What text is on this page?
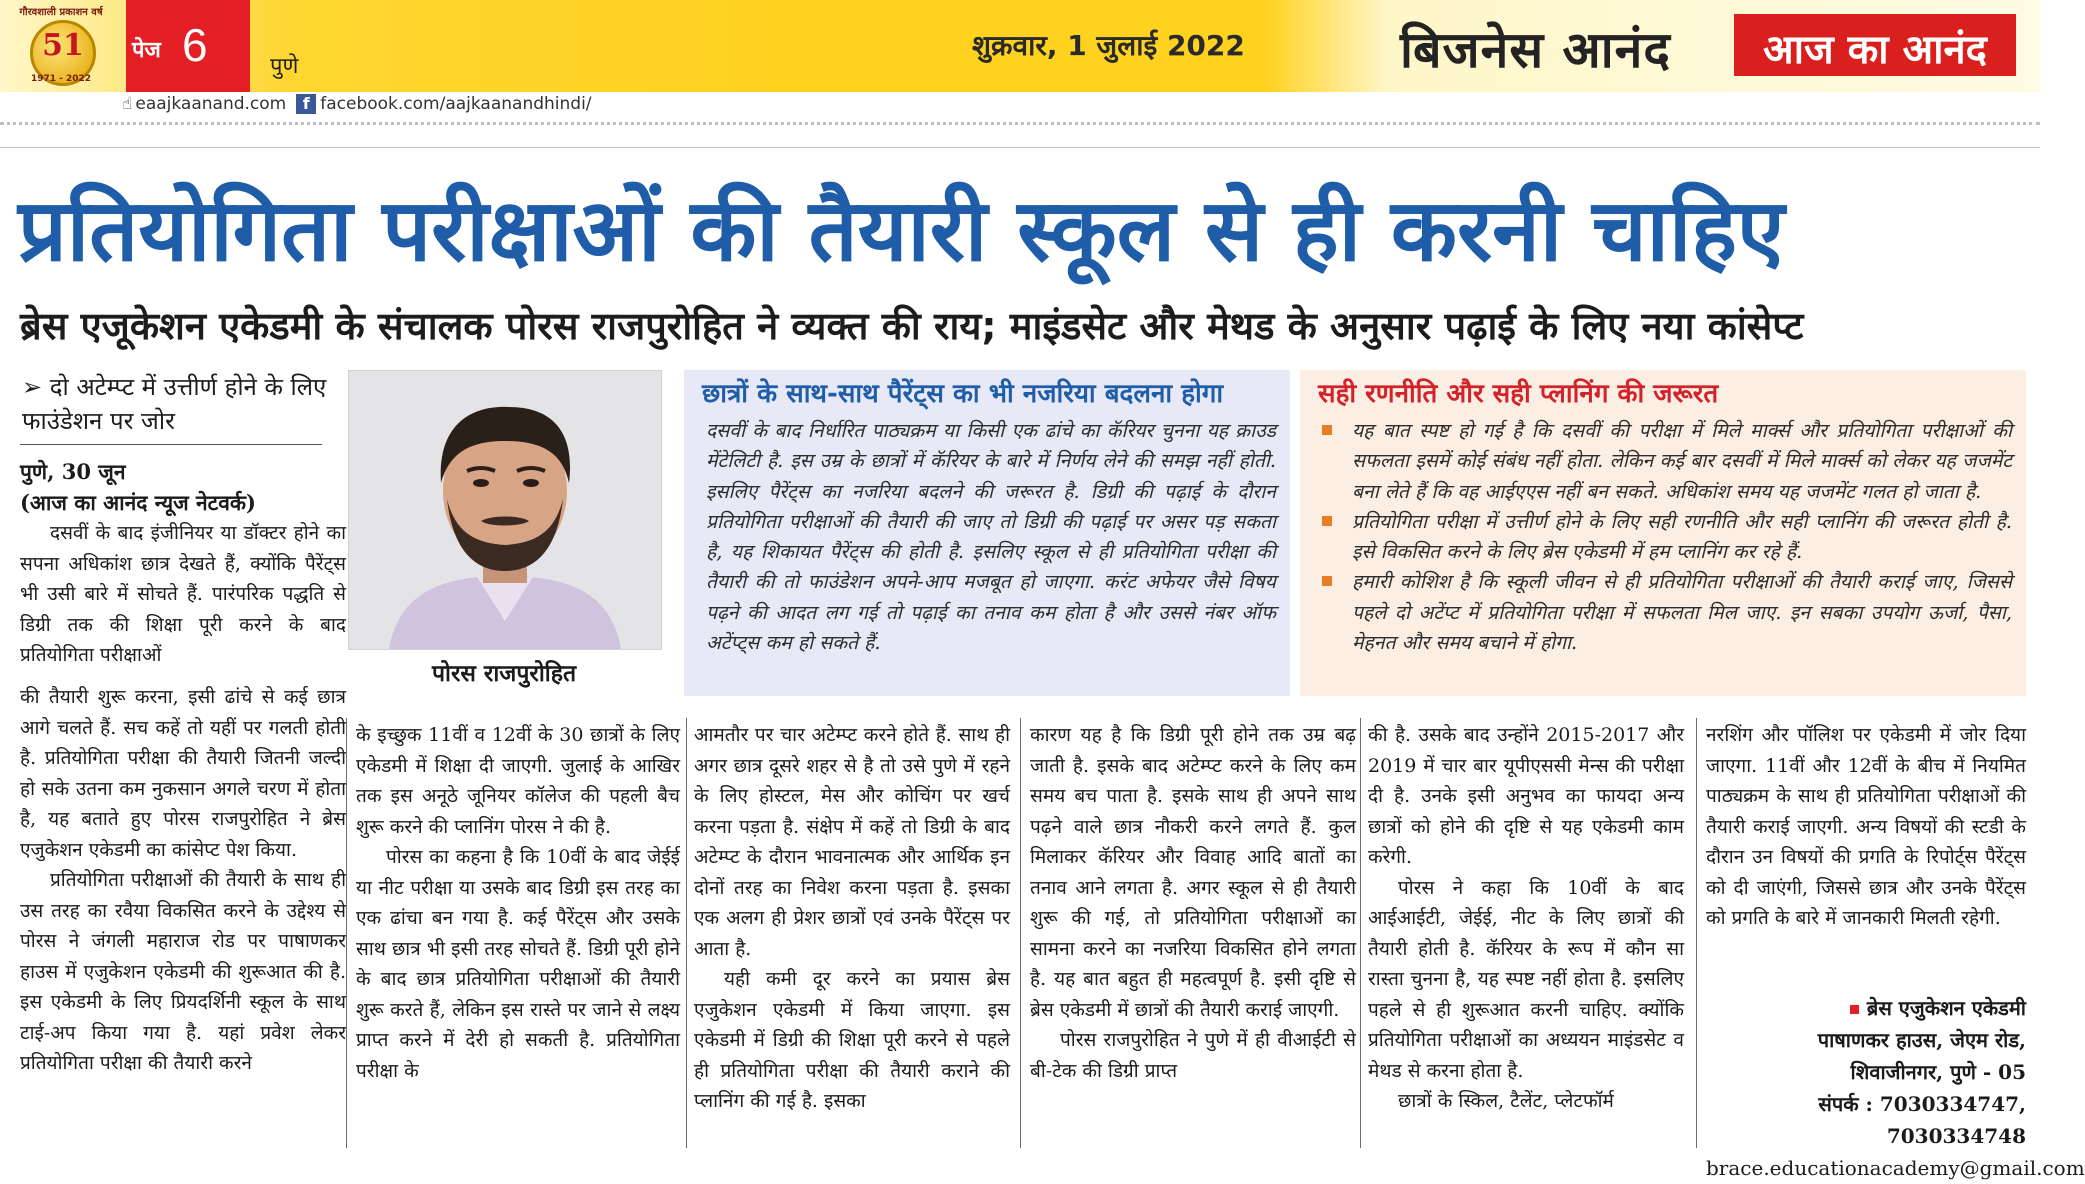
गौरवशाली प्रकाशन वर्ष
51
1971 - 2022
पेज 6	पुणे
शुक्रवार, 1 जुलाई 2022	बिजनेस आनंद	आज का आनंद
☝ eaajkaanand.com f facebook.com/aajkaanandhindi/
प्रतियोगिता परीक्षाओं की तैयारी स्कूल से ही करनी चाहिए
ब्रेस एजूकेशन एकेडमी के संचालक पोरस राजपुरोहित ने व्यक्त की राय; माइंडसेट और मेथड के अनुसार पढ़ाई के लिए नया कांसेप्ट
➢ दो अटेम्प्ट में उत्तीर्ण होने के लिए फाउंडेशन पर जोर
पुणे, 30 जून
(आज का आनंद न्यूज नेटवर्क)

दसवीं के बाद इंजीनियर या डॉक्टर होने का सपना अधिकांश छात्र देखते हैं, क्योंकि पैरेंट्स भी उसी बारे में सोचते हैं. पारंपरिक पद्धति से डिग्री तक की शिक्षा पूरी करने के बाद प्रतियोगिता परीक्षाओं

की तैयारी शुरू करना, इसी ढांचे से कई छात्र आगे चलते हैं. सच कहें तो यहीं पर गलती होती है. प्रतियोगिता परीक्षा की तैयारी जितनी जल्दी हो सके उतना कम नुकसान अगले चरण में होता है, यह बताते हुए पोरस राजपुरोहित ने ब्रेस एजुकेशन एकेडमी का कांसेप्ट पेश किया.

प्रतियोगिता परीक्षाओं की तैयारी के साथ ही उस तरह का रवैया विकसित करने के उद्देश्य से पोरस ने जंगली महाराज रोड पर पाषाणकर हाउस में एजुकेशन एकेडमी की शुरूआत की है. इस एकेडमी के लिए प्रियदर्शिनी स्कूल के साथ टाई-अप किया गया है. यहां प्रवेश लेकर प्रतियोगिता परीक्षा की तैयारी करने

पोरस राजपुरोहित
छात्रों के साथ-साथ पैरेंट्स का भी नजरिया बदलना होगा
दसवीं के बाद निर्धारित पाठ्यक्रम या किसी एक ढांचे का कॅरियर चुनना यह क्राउड मेंटेलिटी है. इस उम्र के छात्रों में कॅरियर के बारे में निर्णय लेने की समझ नहीं होती. इसलिए पैरेंट्स का नजरिया बदलने की जरूरत है. डिग्री की पढ़ाई के दौरान प्रतियोगिता परीक्षाओं की तैयारी की जाए तो डिग्री की पढ़ाई पर असर पड़ सकता है, यह शिकायत पैरेंट्स की होती है. इसलिए स्कूल से ही प्रतियोगिता परीक्षा की तैयारी की तो फाउंडेशन अपने-आप मजबूत हो जाएगा. करंट अफेयर जैसे विषय पढ़ने की आदत लग गई तो पढ़ाई का तनाव कम होता है और उससे नंबर ऑफ अटेंप्ट्स कम हो सकते हैं.
सही रणनीति और सही प्लानिंग की जरूरत
यह बात स्पष्ट हो गई है कि दसवीं की परीक्षा में मिले मार्क्स और प्रतियोगिता परीक्षाओं की सफलता इसमें कोई संबंध नहीं होता. लेकिन कई बार दसवीं में मिले मार्क्स को लेकर यह जजमेंट बना लेते हैं कि वह आईएएस नहीं बन सकते. अधिकांश समय यह जजमेंट गलत हो जाता है.
प्रतियोगिता परीक्षा में उत्तीर्ण होने के लिए सही रणनीति और सही प्लानिंग की जरूरत होती है. इसे विकसित करने के लिए ब्रेस एकेडमी में हम प्लानिंग कर रहे हैं.
हमारी कोशिश है कि स्कूली जीवन से ही प्रतियोगिता परीक्षाओं की तैयारी कराई जाए, जिससे पहले दो अटेंप्ट में प्रतियोगिता परीक्षा में सफलता मिल जाए. इन सबका उपयोग ऊर्जा, पैसा, मेहनत और समय बचाने में होगा.

के इच्छुक 11वीं व 12वीं के 30 छात्रों के लिए एकेडमी में शिक्षा दी जाएगी. जुलाई के आखिर तक इस अनूठे जूनियर कॉलेज की पहली बैच शुरू करने की प्लानिंग पोरस ने की है.

पोरस का कहना है कि 10वीं के बाद जेईई या नीट परीक्षा या उसके बाद डिग्री इस तरह का एक ढांचा बन गया है. कई पैरेंट्स और उसके साथ छात्र भी इसी तरह सोचते हैं. डिग्री पूरी होने के बाद छात्र प्रतियोगिता परीक्षाओं की तैयारी शुरू करते हैं, लेकिन इस रास्ते पर जाने से लक्ष्य प्राप्त करने में देरी हो सकती है. प्रतियोगिता परीक्षा के

आमतौर पर चार अटेम्प्ट करने होते हैं. साथ ही अगर छात्र दूसरे शहर से है तो उसे पुणे में रहने के लिए होस्टल, मेस और कोचिंग पर खर्च करना पड़ता है. संक्षेप में कहें तो डिग्री के बाद अटेम्प्ट के दौरान भावनात्मक और आर्थिक इन दोनों तरह का निवेश करना पड़ता है. इसका एक अलग ही प्रेशर छात्रों एवं उनके पैरेंट्स पर आता है.

यही कमी दूर करने का प्रयास ब्रेस एजुकेशन एकेडमी में किया जाएगा. इस एकेडमी में डिग्री की शिक्षा पूरी करने से पहले ही प्रतियोगिता परीक्षा की तैयारी कराने की प्लानिंग की गई है. इसका

कारण यह है कि डिग्री पूरी होने तक उम्र बढ़ जाती है. इसके बाद अटेम्प्ट करने के लिए कम समय बच पाता है. इसके साथ ही अपने साथ पढ़ने वाले छात्र नौकरी करने लगते हैं. कुल मिलाकर कॅरियर और विवाह आदि बातों का तनाव आने लगता है. अगर स्कूल से ही तैयारी शुरू की गई, तो प्रतियोगिता परीक्षाओं का सामना करने का नजरिया विकसित होने लगता है. यह बात बहुत ही महत्वपूर्ण है. इसी दृष्टि से ब्रेस एकेडमी में छात्रों की तैयारी कराई जाएगी.

पोरस राजपुरोहित ने पुणे में ही वीआईटी से बी-टेक की डिग्री प्राप्त

की है. उसके बाद उन्होंने 2015-2017 और 2019 में चार बार यूपीएससी मेन्स की परीक्षा दी है. उनके इसी अनुभव का फायदा अन्य छात्रों को होने की दृष्टि से यह एकेडमी काम करेगी.

पोरस ने कहा कि 10वीं के बाद आईआईटी, जेईई, नीट के लिए छात्रों की तैयारी होती है. कॅरियर के रूप में कौन सा रास्ता चुनना है, यह स्पष्ट नहीं होता है. इसलिए पहले से ही शुरूआत करनी चाहिए. क्योंकि प्रतियोगिता परीक्षाओं का अध्ययन माइंडसेट व मेथड से करना होता है.

छात्रों के स्किल, टैलेंट, प्लेटफॉर्म

नरशिंग और पॉलिश पर एकेडमी में जोर दिया जाएगा. 11वीं और 12वीं के बीच में नियमित पाठ्यक्रम के साथ ही प्रतियोगिता परीक्षाओं की तैयारी कराई जाएगी. अन्य विषयों की स्टडी के दौरान उन विषयों की प्रगति के रिपोर्ट्स पैरेंट्स को दी जाएंगी, जिससे छात्र और उनके पैरेंट्स को प्रगति के बारे में जानकारी मिलती रहेगी.

ब्रेस एजुकेशन एकेडमी
पाषाणकर हाउस, जेएम रोड,
शिवाजीनगर, पुणे - 05
संपर्क : 7030334747, 7030334748
brace.educationacademy@gmail.com
